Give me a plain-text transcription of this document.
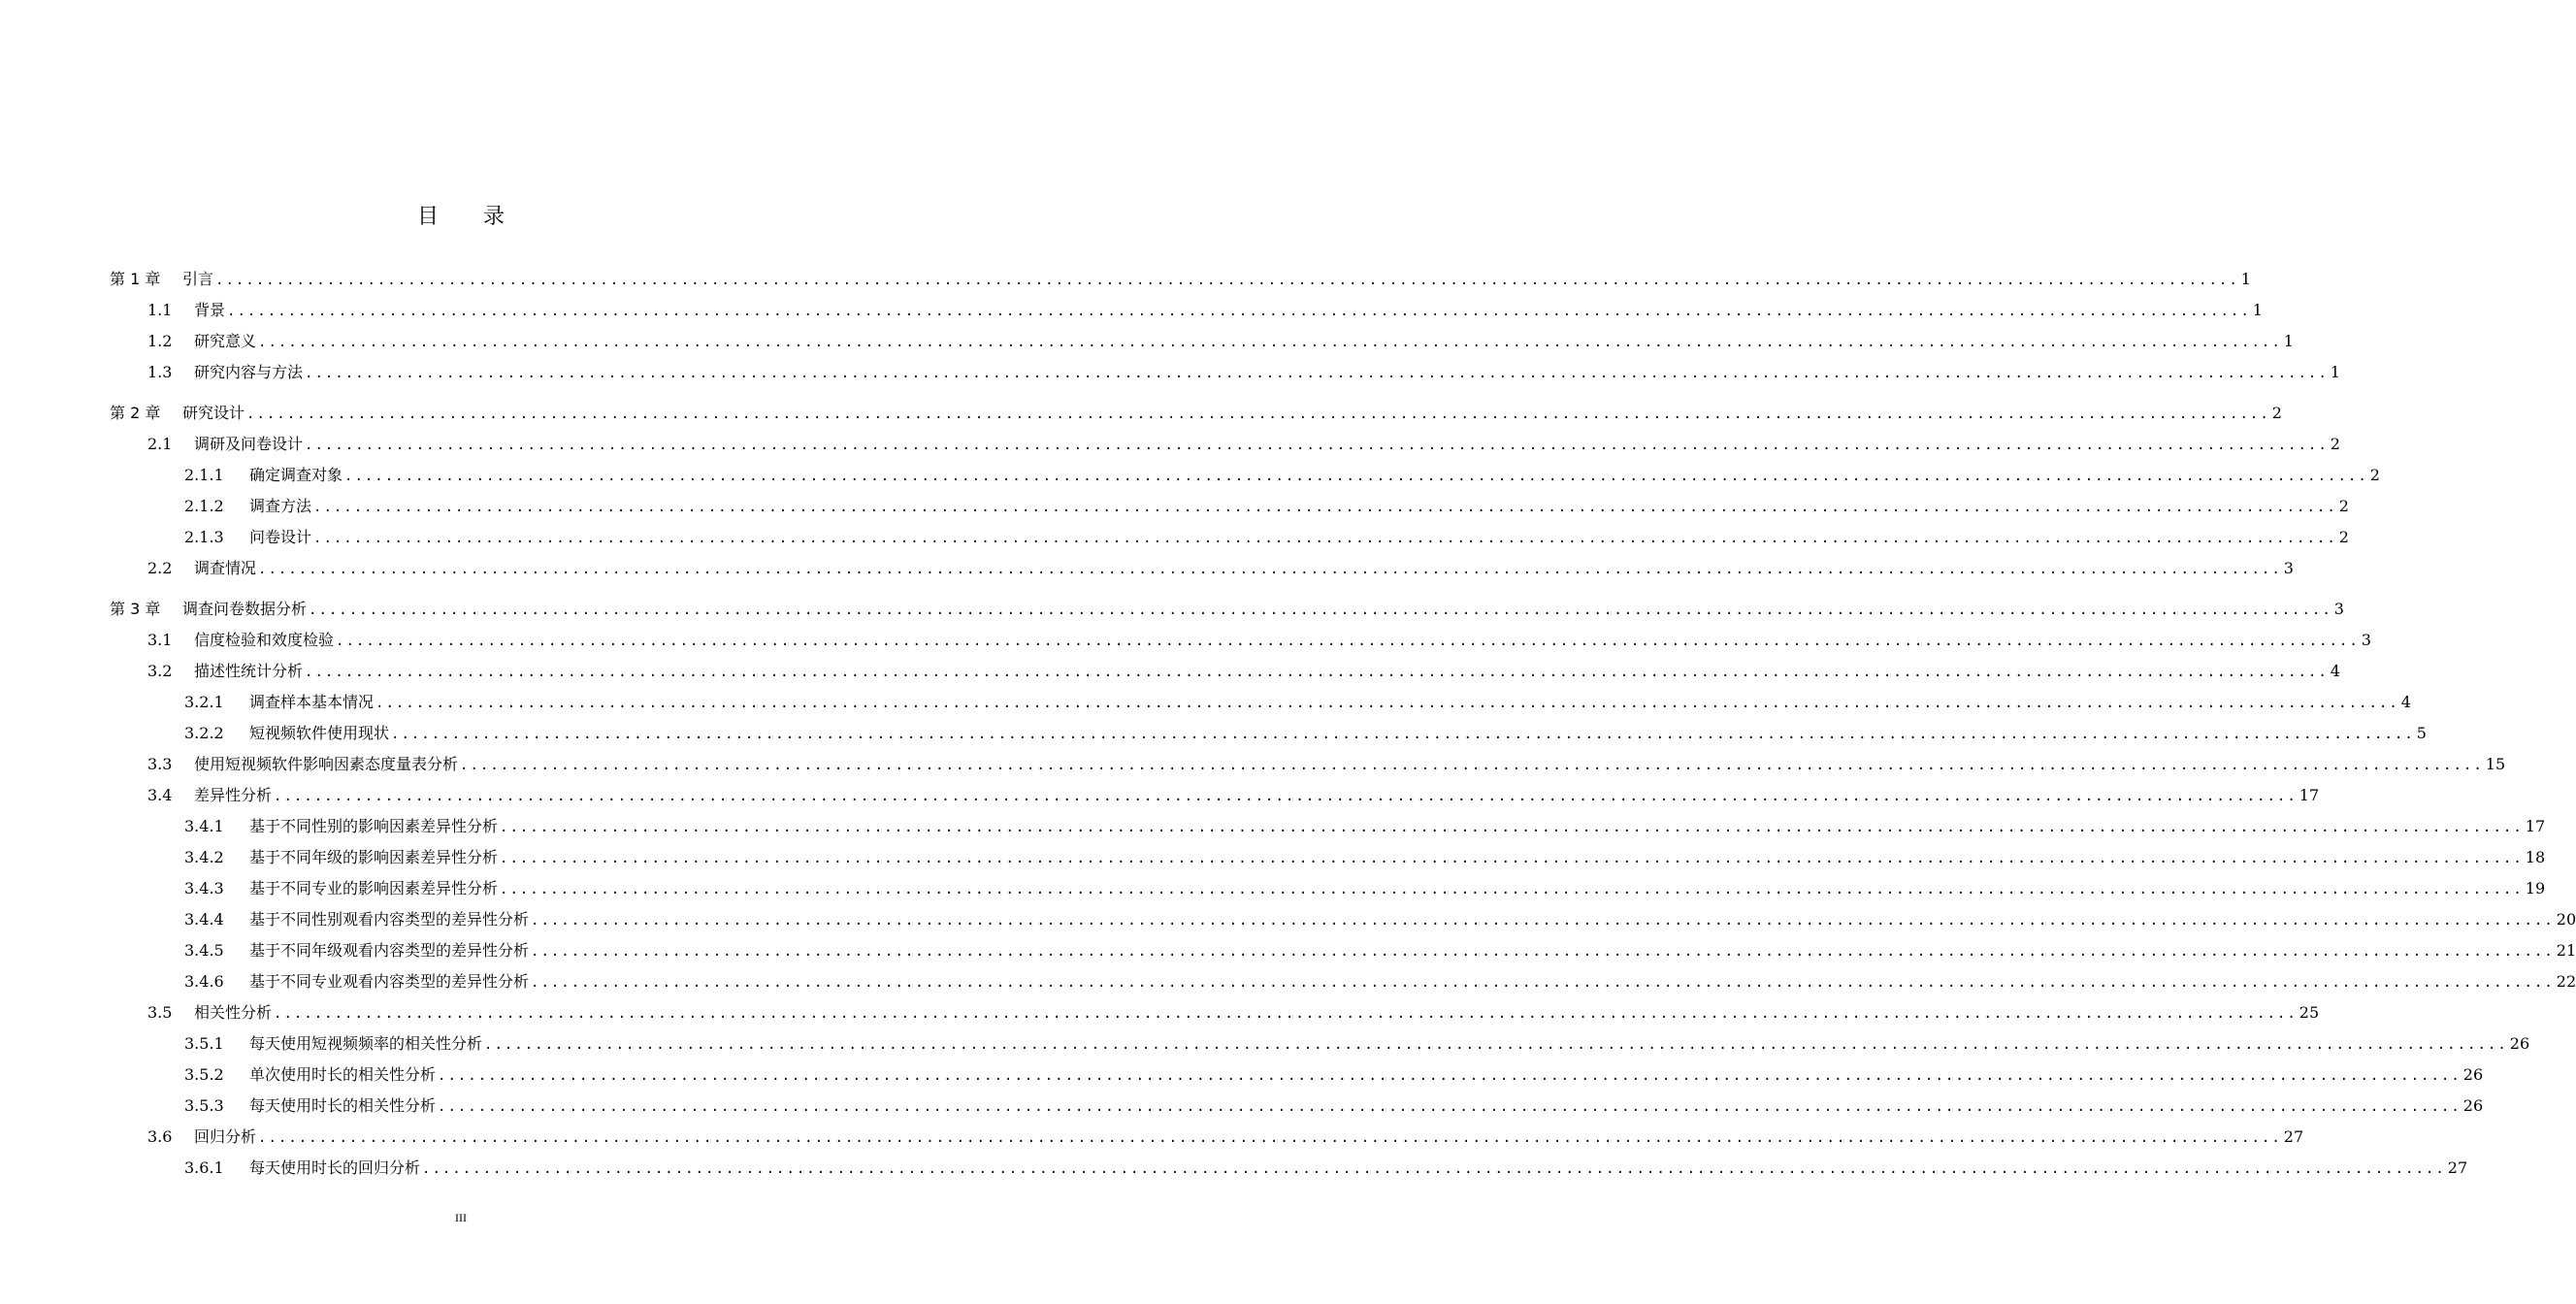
目 录
第 1 章	引言 ........................................................................................................................................................................................................ 1
1.1	背景 ........................................................................................................................................................................................................ 1
1.2	研究意义 ........................................................................................................................................................................................................ 1
1.3	研究内容与方法 ........................................................................................................................................................................................................ 1
第 2 章	研究设计 ........................................................................................................................................................................................................ 2
2.1	调研及问卷设计 ........................................................................................................................................................................................................ 2
2.1.1	确定调查对象 ........................................................................................................................................................................................................ 2
2.1.2	调查方法 ........................................................................................................................................................................................................ 2
2.1.3	问卷设计 ........................................................................................................................................................................................................ 2
2.2	调查情况 ........................................................................................................................................................................................................ 3
第 3 章	调查问卷数据分析 ........................................................................................................................................................................................................ 3
3.1	信度检验和效度检验 ........................................................................................................................................................................................................ 3
3.2	描述性统计分析 ........................................................................................................................................................................................................ 4
3.2.1	调查样本基本情况 ........................................................................................................................................................................................................ 4
3.2.2	短视频软件使用现状 ........................................................................................................................................................................................................ 5
3.3	使用短视频软件影响因素态度量表分析 ........................................................................................................................................................................................................ 15
3.4	差异性分析 ........................................................................................................................................................................................................ 17
3.4.1	基于不同性别的影响因素差异性分析 ........................................................................................................................................................................................................ 17
3.4.2	基于不同年级的影响因素差异性分析 ........................................................................................................................................................................................................ 18
3.4.3	基于不同专业的影响因素差异性分析 ........................................................................................................................................................................................................ 19
3.4.4	基于不同性别观看内容类型的差异性分析 ........................................................................................................................................................................................................ 20
3.4.5	基于不同年级观看内容类型的差异性分析 ........................................................................................................................................................................................................ 21
3.4.6	基于不同专业观看内容类型的差异性分析 ........................................................................................................................................................................................................ 22
3.5	相关性分析 ........................................................................................................................................................................................................ 25
3.5.1	每天使用短视频频率的相关性分析 ........................................................................................................................................................................................................ 26
3.5.2	单次使用时长的相关性分析 ........................................................................................................................................................................................................ 26
3.5.3	每天使用时长的相关性分析 ........................................................................................................................................................................................................ 26
3.6	回归分析 ........................................................................................................................................................................................................ 27
3.6.1	每天使用时长的回归分析 ........................................................................................................................................................................................................ 27
III
